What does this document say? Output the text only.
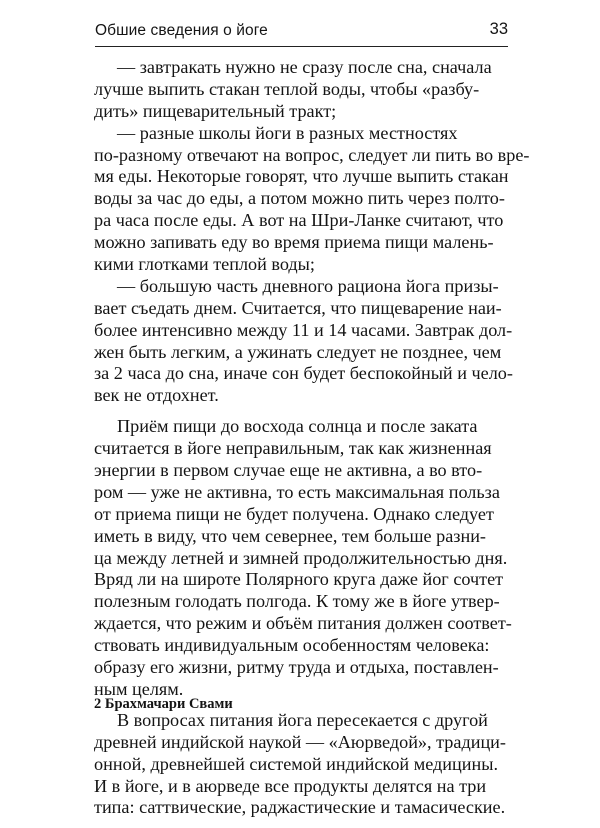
Обшие сведения о йоге	33
— завтракать нужно не сразу после сна, сначала
лучше выпить стакан теплой воды, чтобы «разбу-
дить» пищеварительный тракт;
— разные школы йоги в разных местностях
по-разному отвечают на вопрос, следует ли пить во вре-
мя еды. Некоторые говорят, что лучше выпить стакан
воды за час до еды, а потом можно пить через полто-
ра часа после еды. А вот на Шри-Ланке считают, что
можно запивать еду во время приема пищи малень-
кими глотками теплой воды;
— большую часть дневного рациона йога призы-
вает съедать днем. Считается, что пищеварение наи-
более интенсивно между 11 и 14 часами. Завтрак дол-
жен быть легким, а ужинать следует не позднее, чем
за 2 часа до сна, иначе сон будет беспокойный и чело-
век не отдохнет.
Приём пищи до восхода солнца и после заката
считается в йоге неправильным, так как жизненная
энергии в первом случае еще не активна, а во вто-
ром — уже не активна, то есть максимальная польза
от приема пищи не будет получена. Однако следует
иметь в виду, что чем севернее, тем больше разни-
ца между летней и зимней продолжительностью дня.
Вряд ли на широте Полярного круга даже йог сочтет
полезным голодать полгода. К тому же в йоге утвер-
ждается, что режим и объём питания должен соответ-
ствовать индивидуальным особенностям человека:
образу его жизни, ритму труда и отдыха, поставлен-
ным целям.
В вопросах питания йога пересекается с другой
древней индийской наукой — «Аюрведой», традици-
онной, древнейшей системой индийской медицины.
И в йоге, и в аюрведе все продукты делятся на три
типа: саттвические, раджастические и тамасические.
2 Брахмачари Свами
